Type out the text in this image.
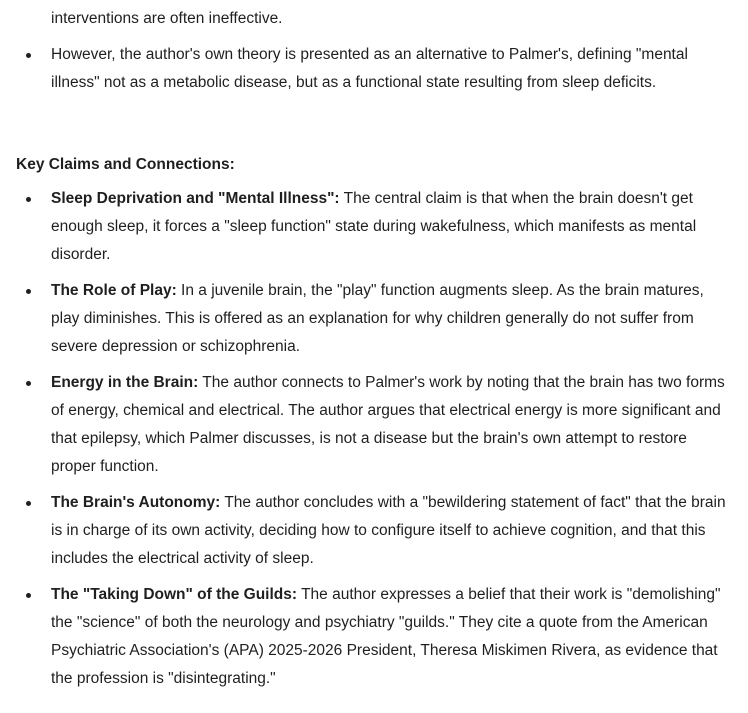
interventions are often ineffective.

However, the author's own theory is presented as an alternative to Palmer's, defining "mental illness" not as a metabolic disease, but as a functional state resulting from sleep deficits.

Key Claims and Connections:

Sleep Deprivation and "Mental Illness": The central claim is that when the brain doesn't get enough sleep, it forces a "sleep function" state during wakefulness, which manifests as mental disorder.
The Role of Play: In a juvenile brain, the "play" function augments sleep. As the brain matures, play diminishes. This is offered as an explanation for why children generally do not suffer from severe depression or schizophrenia.
Energy in the Brain: The author connects to Palmer's work by noting that the brain has two forms of energy, chemical and electrical. The author argues that electrical energy is more significant and that epilepsy, which Palmer discusses, is not a disease but the brain's own attempt to restore proper function.
The Brain's Autonomy: The author concludes with a "bewildering statement of fact" that the brain is in charge of its own activity, deciding how to configure itself to achieve cognition, and that this includes the electrical activity of sleep.
The "Taking Down" of the Guilds: The author expresses a belief that their work is "demolishing" the "science" of both the neurology and psychiatry "guilds." They cite a quote from the American Psychiatric Association's (APA) 2025-2026 President, Theresa Miskimen Rivera, as evidence that the profession is "disintegrating."
